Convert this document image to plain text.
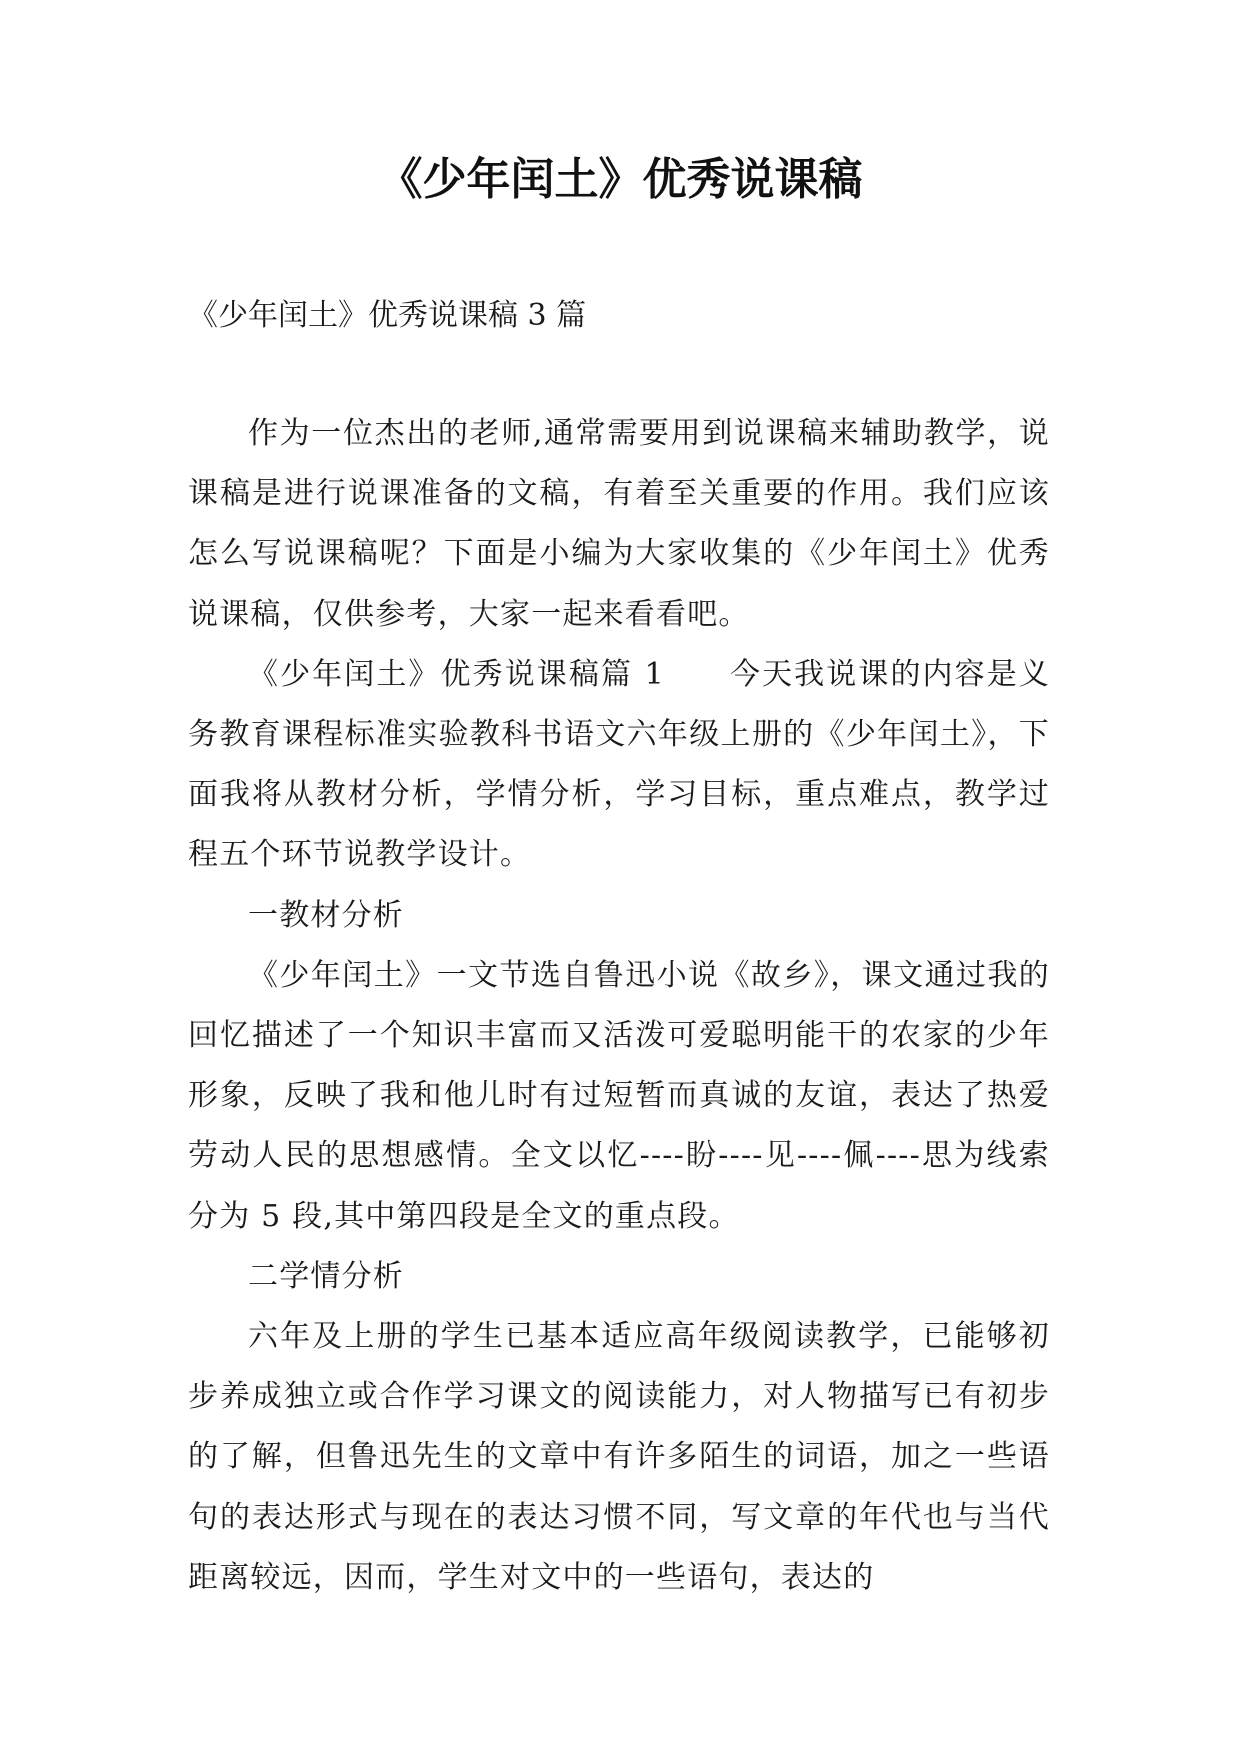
《少年闰土》优秀说课稿

《少年闰土》优秀说课稿 3 篇

作为一位杰出的老师,通常需要用到说课稿来辅助教学，说课稿是进行说课准备的文稿，有着至关重要的作用。我们应该怎么写说课稿呢？下面是小编为大家收集的《少年闰土》优秀说课稿，仅供参考，大家一起来看看吧。

《少年闰土》优秀说课稿篇 1　　今天我说课的内容是义务教育课程标准实验教科书语文六年级上册的《少年闰土》，下面我将从教材分析，学情分析，学习目标，重点难点，教学过程五个环节说教学设计。

一教材分析

《少年闰土》一文节选自鲁迅小说《故乡》，课文通过我的回忆描述了一个知识丰富而又活泼可爱聪明能干的农家的少年形象，反映了我和他儿时有过短暂而真诚的友谊，表达了热爱劳动人民的思想感情。全文以忆----盼----见----佩----思为线索分为 5 段,其中第四段是全文的重点段。

二学情分析

六年及上册的学生已基本适应高年级阅读教学，已能够初步养成独立或合作学习课文的阅读能力，对人物描写已有初步的了解，但鲁迅先生的文章中有许多陌生的词语，加之一些语句的表达形式与现在的表达习惯不同，写文章的年代也与当代距离较远，因而，学生对文中的一些语句，表达的
